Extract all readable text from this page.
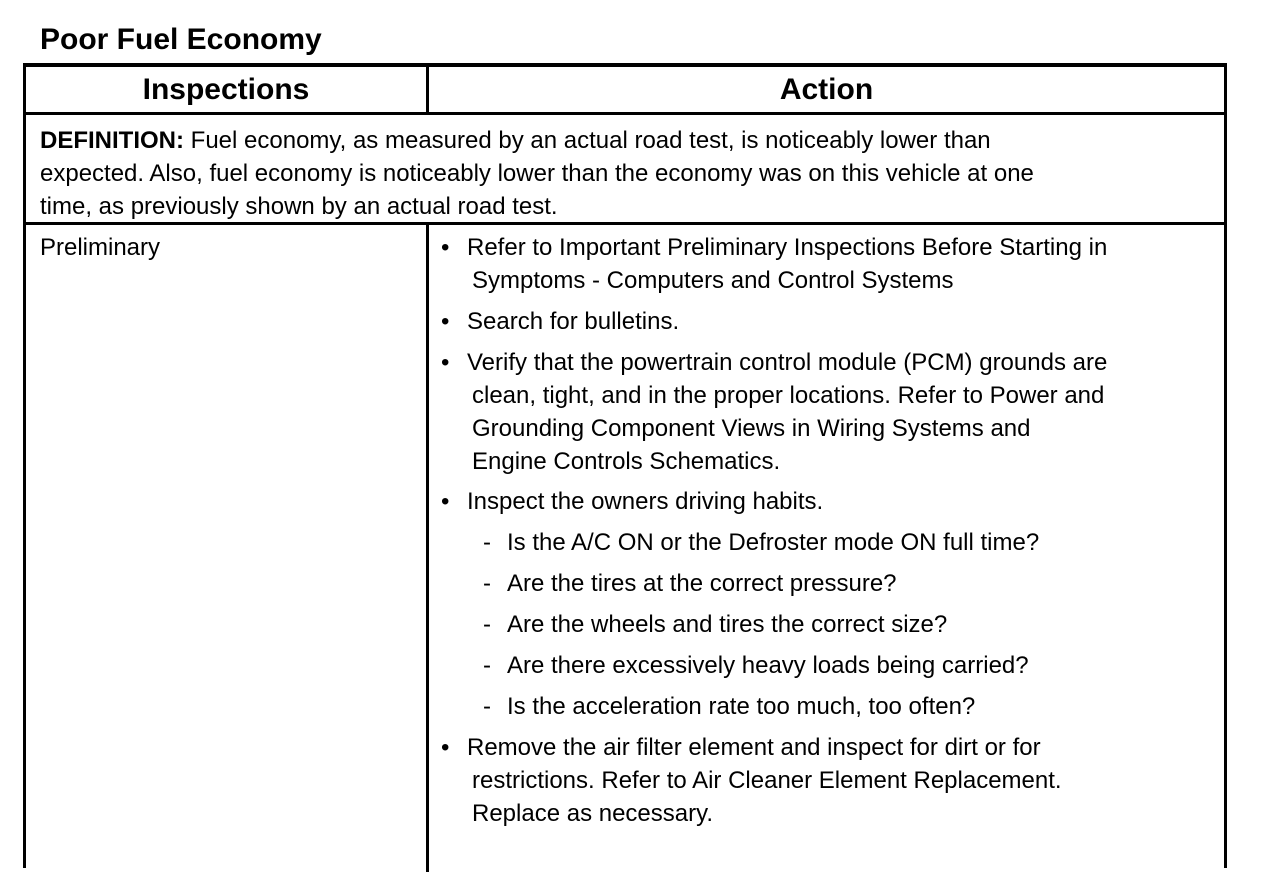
Poor Fuel Economy
Inspections	Action
DEFINITION: Fuel economy, as measured by an actual road test, is noticeably lower than
expected. Also, fuel economy is noticeably lower than the economy was on this vehicle at one
time, as previously shown by an actual road test.
Preliminary	• Refer to Important Preliminary Inspections Before Starting in
Symptoms - Computers and Control Systems
• Search for bulletins.
• Verify that the powertrain control module (PCM) grounds are
clean, tight, and in the proper locations. Refer to Power and
Grounding Component Views in Wiring Systems and
Engine Controls Schematics.
• Inspect the owners driving habits.
- Is the A/C ON or the Defroster mode ON full time?
- Are the tires at the correct pressure?
- Are the wheels and tires the correct size?
- Are there excessively heavy loads being carried?
- Is the acceleration rate too much, too often?
• Remove the air filter element and inspect for dirt or for
restrictions. Refer to Air Cleaner Element Replacement.
Replace as necessary.
